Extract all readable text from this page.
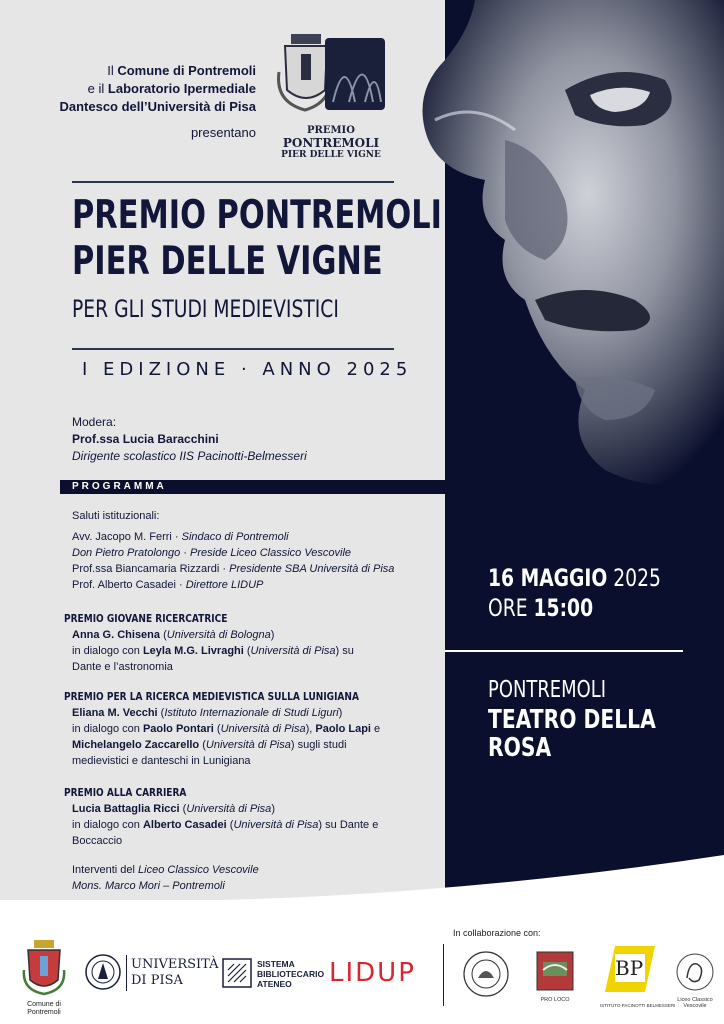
Il Comune di Pontremoli
e il Laboratorio Ipermediale
Dantesco dell’Università di Pisa
presentano	PREMIO
PONTREMOLI
PIER DELLE VIGNE
PREMIO PONTREMOLI
PIER DELLE VIGNE
PER GLI STUDI MEDIEVISTICI
I EDIZIONE · ANNO 2025
Modera:
Prof.ssa Lucia Baracchini
Dirigente scolastico IIS Pacinotti-Belmesseri
PROGRAMMA
Saluti istituzionali:
Avv. Jacopo M. Ferri · Sindaco di Pontremoli
Don Pietro Pratolongo · Preside Liceo Classico Vescovile
Prof.ssa Biancamaria Rizzardi · Presidente SBA Università di Pisa
Prof. Alberto Casadei · Direttore LIDUP
PREMIO GIOVANE RICERCATRICE
Anna G. Chisena (Università di Bologna)
in dialogo con Leyla M.G. Livraghi (Università di Pisa) su
Dante e l’astronomia
PREMIO PER LA RICERCA MEDIEVISTICA SULLA LUNIGIANA
Eliana M. Vecchi (Istituto Internazionale di Studi Liguri)
in dialogo con Paolo Pontari (Università di Pisa), Paolo Lapi e
Michelangelo Zaccarello (Università di Pisa) sugli studi
medievistici e danteschi in Lunigiana
PREMIO ALLA CARRIERA
Lucia Battaglia Ricci (Università di Pisa)
in dialogo con Alberto Casadei (Università di Pisa) su Dante e
Boccaccio
Interventi del Liceo Classico Vescovile
Mons. Marco Mori – Pontremoli
16 MAGGIO 2025
ORE 15:00
PONTREMOLI
TEATRO DELLA
ROSA
Comune di
Pontremoli
UNIVERSITÀ
DI PISA
SISTEMA
BIBLIOTECARIO
ATENEO	LIDUP
In collaborazione con:
PRO LOCO
BP
ISTITUTO PACINOTTI BELMESSERI
Liceo Classico
Vescovile
